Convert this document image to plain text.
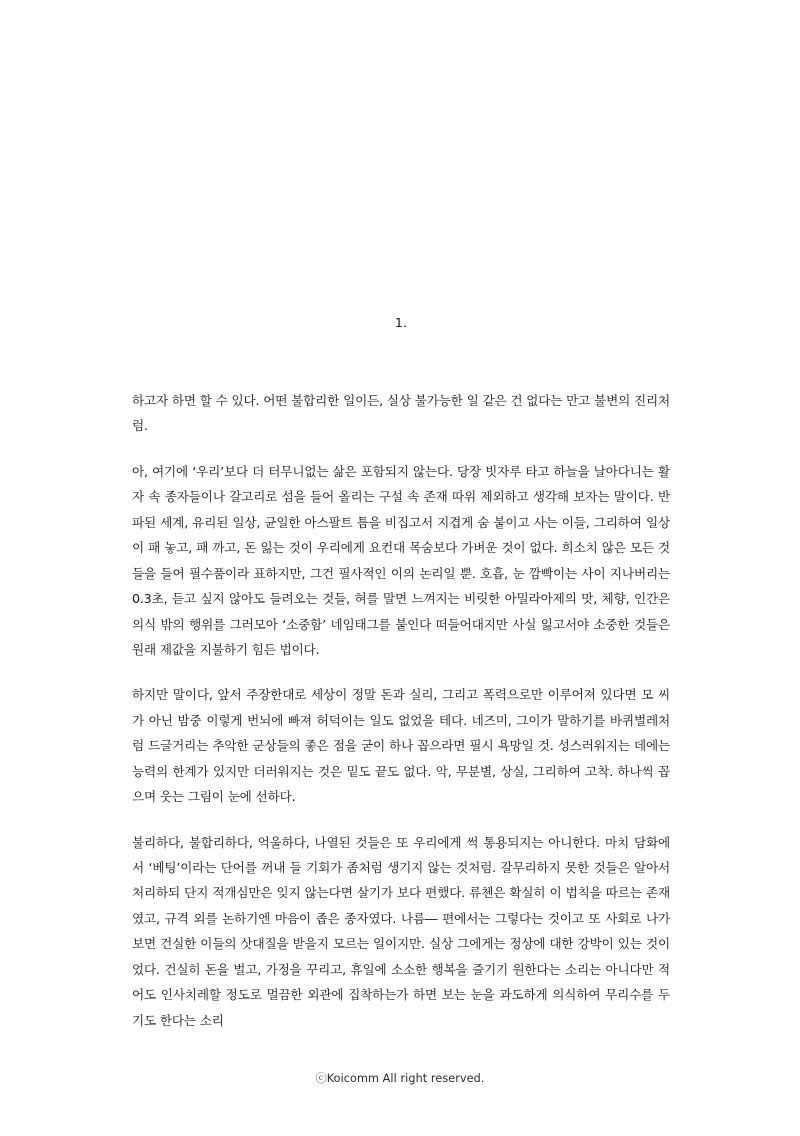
1.

하고자 하면 할 수 있다. 어떤 불합리한 일이든, 실상 불가능한 일 같은 건 없다는 만고 불변의 진리처럼.

아, 여기에 ‘우리’보다 더 터무니없는 삶은 포함되지 않는다. 당장 빗자루 타고 하늘을 날아다니는 활자 속 종자들이나 갈고리로 섬을 들어 올리는 구설 속 존재 따위 제외하고 생각해 보자는 말이다. 반파된 세계, 유리된 일상, 균일한 아스팔트 틈을 비집고서 지겹게 숨 붙이고 사는 이들, 그리하여 일상이 패 놓고, 패 까고, 돈 잃는 것이 우리에게 요컨대 목숨보다 가벼운 것이 없다. 희소치 않은 모든 것들을 들어 필수품이라 표하지만, 그건 필사적인 이의 논리일 뿐. 호흡, 눈 깜빡이는 사이 지나버리는 0.3초, 듣고 싶지 않아도 들려오는 것들, 혀를 말면 느껴지는 비릿한 아밀라아제의 맛, 체향, 인간은 의식 밖의 행위를 그러모아 ‘소중함’ 네임태그를 붙인다 떠들어대지만 사실 잃고서야 소중한 것들은 원래 제값을 지불하기 힘든 법이다.

하지만 말이다, 앞서 주장한대로 세상이 정말 돈과 실리, 그리고 폭력으로만 이루어져 있다면 모 씨가 아닌 밤중 이렇게 번뇌에 빠져 허덕이는 일도 없었을 테다. 네즈미, 그이가 말하기를 바퀴벌레처럼 드글거리는 추악한 군상들의 좋은 점을 굳이 하나 꼽으라면 필시 욕망일 것. 성스러워지는 데에는 능력의 한계가 있지만 더러워지는 것은 밑도 끝도 없다. 악, 무분별, 상실, 그리하여 고착. 하나씩 꼽으며 웃는 그림이 눈에 선하다.

불리하다, 불합리하다, 억울하다, 나열된 것들은 또 우리에게 썩 통용되지는 아니한다. 마치 담화에서 ‘베팅’이라는 단어를 꺼내 들 기회가 좀처럼 생기지 않는 것처럼. 갈무리하지 못한 것들은 알아서 처리하되 단지 적개심만은 잊지 않는다면 살기가 보다 편했다. 류첸은 확실히 이 법칙을 따르는 존재였고, 규격 외를 논하기엔 마음이 좁은 종자였다. 나름― 편에서는 그렇다는 것이고 또 사회로 나가보면 건실한 이들의 삿대질을 받을지 모르는 일이지만. 실상 그에게는 정상에 대한 강박이 있는 것이었다. 건실히 돈을 벌고, 가정을 꾸리고, 휴일에 소소한 행복을 즐기기 원한다는 소리는 아니다만 적어도 인사치레할 정도로 멀끔한 외관에 집착하는가 하면 보는 눈을 과도하게 의식하여 무리수를 두기도 한다는 소리

ⓒKoicomm All right reserved.
